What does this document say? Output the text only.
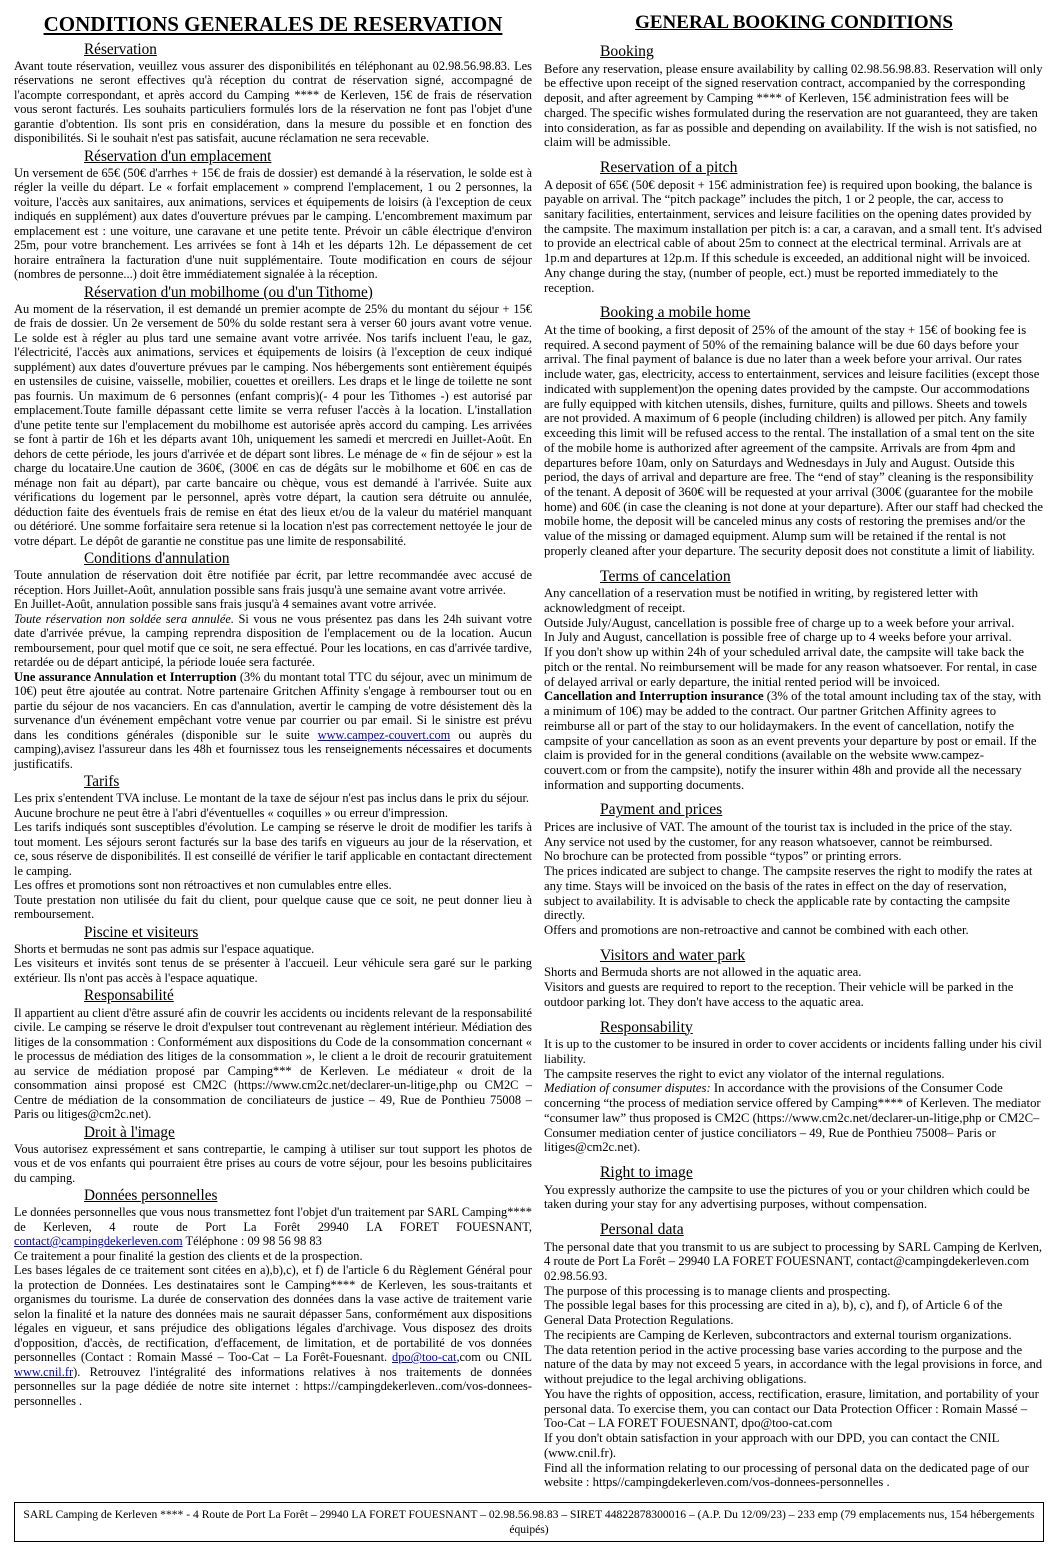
CONDITIONS GENERALES DE RESERVATION
Réservation

Avant toute réservation, veuillez vous assurer des disponibilités en téléphonant au 02.98.56.98.83. Les réservations ne seront effectives qu'à réception du contrat de réservation signé, accompagné de l'acompte correspondant, et après accord du Camping **** de Kerleven, 15€ de frais de réservation vous seront facturés. Les souhaits particuliers formulés lors de la réservation ne font pas l'objet d'une garantie d'obtention. Ils sont pris en considération, dans la mesure du possible et en fonction des disponibilités. Si le souhait n'est pas satisfait, aucune réclamation ne sera recevable.

Réservation d'un emplacement

Un versement de 65€ (50€ d'arrhes + 15€ de frais de dossier) est demandé à la réservation, le solde est à régler la veille du départ. Le « forfait emplacement » comprend l'emplacement, 1 ou 2 personnes, la voiture, l'accès aux sanitaires, aux animations, services et équipements de loisirs (à l'exception de ceux indiqués en supplément) aux dates d'ouverture prévues par le camping. L'encombrement maximum par emplacement est : une voiture, une caravane et une petite tente. Prévoir un câble électrique d'environ 25m, pour votre branchement. Les arrivées se font à 14h et les départs 12h. Le dépassement de cet horaire entraînera la facturation d'une nuit supplémentaire. Toute modification en cours de séjour (nombres de personne...) doit être immédiatement signalée à la réception.

Réservation d'un mobilhome (ou d'un Tithome)

Au moment de la réservation, il est demandé un premier acompte de 25% du montant du séjour + 15€ de frais de dossier. Un 2e versement de 50% du solde restant sera à verser 60 jours avant votre venue. Le solde est à régler au plus tard une semaine avant votre arrivée. Nos tarifs incluent l'eau, le gaz, l'électricité, l'accès aux animations, services et équipements de loisirs (à l'exception de ceux indiqué supplément) aux dates d'ouverture prévues par le camping. Nos hébergements sont entièrement équipés en ustensiles de cuisine, vaisselle, mobilier, couettes et oreillers. Les draps et le linge de toilette ne sont pas fournis. Un maximum de 6 personnes (enfant compris)(- 4 pour les Tithomes -) est autorisé par emplacement.Toute famille dépassant cette limite se verra refuser l'accès à la location. L'installation d'une petite tente sur l'emplacement du mobilhome est autorisée après accord du camping. Les arrivées se font à partir de 16h et les départs avant 10h, uniquement les samedi et mercredi en Juillet-Août. En dehors de cette période, les jours d'arrivée et de départ sont libres. Le ménage de « fin de séjour » est la charge du locataire.Une caution de 360€, (300€ en cas de dégâts sur le mobilhome et 60€ en cas de ménage non fait au départ), par carte bancaire ou chèque, vous est demandé à l'arrivée. Suite aux vérifications du logement par le personnel, après votre départ, la caution sera détruite ou annulée, déduction faite des éventuels frais de remise en état des lieux et/ou de la valeur du matériel manquant ou détérioré. Une somme forfaitaire sera retenue si la location n'est pas correctement nettoyée le jour de votre départ. Le dépôt de garantie ne constitue pas une limite de responsabilité.

Conditions d'annulation

Toute annulation de réservation doit être notifiée par écrit, par lettre recommandée avec accusé de réception. Hors Juillet-Août, annulation possible sans frais jusqu'à une semaine avant votre arrivée.

En Juillet-Août, annulation possible sans frais jusqu'à 4 semaines avant votre arrivée.

Toute réservation non soldée sera annulée. Si vous ne vous présentez pas dans les 24h suivant votre date d'arrivée prévue, la camping reprendra disposition de l'emplacement ou de la location. Aucun remboursement, pour quel motif que ce soit, ne sera effectué. Pour les locations, en cas d'arrivée tardive, retardée ou de départ anticipé, la période louée sera facturée.

Une assurance Annulation et Interruption (3% du montant total TTC du séjour, avec un minimum de 10€) peut être ajoutée au contrat. Notre partenaire Gritchen Affinity s'engage à rembourser tout ou en partie du séjour de nos vacanciers. En cas d'annulation, avertir le camping de votre désistement dès la survenance d'un événement empêchant votre venue par courrier ou par email. Si le sinistre est prévu dans les conditions générales (disponible sur le suite www.campez-couvert.com ou auprès du camping),avisez l'assureur dans les 48h et fournissez tous les renseignements nécessaires et documents justificatifs.

Tarifs

Les prix s'entendent TVA incluse. Le montant de la taxe de séjour n'est pas inclus dans le prix du séjour.

Aucune brochure ne peut être à l'abri d'éventuelles « coquilles » ou erreur d'impression.

Les tarifs indiqués sont susceptibles d'évolution. Le camping se réserve le droit de modifier les tarifs à tout moment. Les séjours seront facturés sur la base des tarifs en vigueurs au jour de la réservation, et ce, sous réserve de disponibilités. Il est conseillé de vérifier le tarif applicable en contactant directement le camping.

Les offres et promotions sont non rétroactives et non cumulables entre elles.

Toute prestation non utilisée du fait du client, pour quelque cause que ce soit, ne peut donner lieu à remboursement.

Piscine et visiteurs

Shorts et bermudas ne sont pas admis sur l'espace aquatique.

Les visiteurs et invités sont tenus de se présenter à l'accueil. Leur véhicule sera garé sur le parking extérieur. Ils n'ont pas accès à l'espace aquatique.

Responsabilité

Il appartient au client d'être assuré afin de couvrir les accidents ou incidents relevant de la responsabilité civile. Le camping se réserve le droit d'expulser tout contrevenant au règlement intérieur. Médiation des litiges de la consommation : Conformément aux dispositions du Code de la consommation concernant « le processus de médiation des litiges de la consommation », le client a le droit de recourir gratuitement au service de médiation proposé par Camping*** de Kerleven. Le médiateur « droit de la consommation ainsi proposé est CM2C (https://www.cm2c.net/declarer-un-litige,php ou CM2C – Centre de médiation de la consommation de conciliateurs de justice – 49, Rue de Ponthieu 75008 – Paris ou litiges@cm2c.net).

Droit à l'image

Vous autorisez expressément et sans contrepartie, le camping à utiliser sur tout support les photos de vous et de vos enfants qui pourraient être prises au cours de votre séjour, pour les besoins publicitaires du camping.

Données personnelles

Le données personnelles que vous nous transmettez font l'objet d'un traitement par SARL Camping**** de Kerleven, 4 route de Port La Forêt 29940 LA FORET FOUESNANT, contact@campingdekerleven.com Téléphone : 09 98 56 98 83

Ce traitement a pour finalité la gestion des clients et de la prospection.

Les bases légales de ce traitement sont citées en a),b),c), et f) de l'article 6 du Règlement Général pour la protection de Données. Les destinataires sont le Camping**** de Kerleven, les sous-traitants et organismes du tourisme. La durée de conservation des données dans la vase active de traitement varie selon la finalité et la nature des données mais ne saurait dépasser 5ans, conformément aux dispositions légales en vigueur, et sans préjudice des obligations légales d'archivage. Vous disposez des droits d'opposition, d'accès, de rectification, d'effacement, de limitation, et de portabilité de vos données personnelles (Contact : Romain Massé – Too-Cat – La Forêt-Fouesnant. dpo@too-cat,com ou CNIL www.cnil.fr). Retrouvez l'intégralité des informations relatives à nos traitements de données personnelles sur la page dédiée de notre site internet : https://campingdekerleven..com/vos-donnees-personnelles .

GENERAL BOOKING CONDITIONS
Booking

Before any reservation, please ensure availability by calling 02.98.56.98.83. Reservation will only be effective upon receipt of the signed reservation contract, accompanied by the corresponding deposit, and after agreement by Camping **** of Kerleven, 15€ administration fees will be charged. The specific wishes formulated during the reservation are not guaranteed, they are taken into consideration, as far as possible and depending on availability. If the wish is not satisfied, no claim will be admissible.

Reservation of a pitch

A deposit of 65€ (50€ deposit + 15€ administration fee) is required upon booking, the balance is payable on arrival. The “pitch package” includes the pitch, 1 or 2 people, the car, access to sanitary facilities, entertainment, services and leisure facilities on the opening dates provided by the campsite. The maximum installation per pitch is: a car, a caravan, and a small tent. It's advised to provide an electrical cable of about 25m to connect at the electrical terminal. Arrivals are at 1p.m and departures at 12p.m. If this schedule is exceeded, an additional night will be invoiced. Any change during the stay, (number of people, ect.) must be reported immediately to the reception.

Booking a mobile home

At the time of booking, a first deposit of 25% of the amount of the stay + 15€ of booking fee is required. A second payment of 50% of the remaining balance will be due 60 days before your arrival. The final payment of balance is due no later than a week before your arrival. Our rates include water, gas, electricity, access to entertainment, services and leisure facilities (except those indicated with supplement)on the opening dates provided by the campste. Our accommodations are fully equipped with kitchen utensils, dishes, furniture, quilts and pillows. Sheets and towels are not provided. A maximum of 6 people (including children) is allowed per pitch. Any family exceeding this limit will be refused access to the rental. The installation of a smal tent on the site of the mobile home is authorized after agreement of the campsite. Arrivals are from 4pm and departures before 10am, only on Saturdays and Wednesdays in July and August. Outside this period, the days of arrival and departure are free. The “end of stay” cleaning is the responsibility of the tenant. A deposit of 360€ will be requested at your arrival (300€ (guarantee for the mobile home) and 60€ (in case the cleaning is not done at your departure). After our staff had checked the mobile home, the deposit will be canceled minus any costs of restoring the premises and/or the value of the missing or damaged equipment. Alump sum will be retained if the rental is not properly cleaned after your departure. The security deposit does not constitute a limit of liability.

Terms of cancelation

Any cancellation of a reservation must be notified in writing, by registered letter with acknowledgment of receipt.

Outside July/August, cancellation is possible free of charge up to a week before your arrival.

In July and August, cancellation is possible free of charge up to 4 weeks before your arrival.

If you don't show up within 24h of your scheduled arrival date, the campsite will take back the pitch or the rental. No reimbursement will be made for any reason whatsoever. For rental, in case of delayed arrival or early departure, the initial rented period will be invoiced.

Cancellation and Interruption insurance (3% of the total amount including tax of the stay, with a minimum of 10€) may be added to the contract. Our partner Gritchen Affinity agrees to reimburse all or part of the stay to our holidaymakers. In the event of cancellation, notify the campsite of your cancellation as soon as an event prevents your departure by post or email. If the claim is provided for in the general conditions (available on the website www.campez-couvert.com or from the campsite), notify the insurer within 48h and provide all the necessary information and supporting documents.

Payment and prices

Prices are inclusive of VAT. The amount of the tourist tax is included in the price of the stay.

Any service not used by the customer, for any reason whatsoever, cannot be reimbursed.

No brochure can be protected from possible “typos” or printing errors.

The prices indicated are subject to change. The campsite reserves the right to modify the rates at any time. Stays will be invoiced on the basis of the rates in effect on the day of reservation, subject to availability. It is advisable to check the applicable rate by contacting the campsite directly.

Offers and promotions are non-retroactive and cannot be combined with each other.

Visitors and water park

Shorts and Bermuda shorts are not allowed in the aquatic area.

Visitors and guests are required to report to the reception. Their vehicle will be parked in the outdoor parking lot. They don't have access to the aquatic area.

Responsability

It is up to the customer to be insured in order to cover accidents or incidents falling under his civil liability.

The campsite reserves the right to evict any violator of the internal regulations.

Mediation of consumer disputes: In accordance with the provisions of the Consumer Code concerning “the process of mediation service offered by Camping**** of Kerleven. The mediator “consumer law” thus proposed is CM2C (https://www.cm2c.net/declarer-un-litige,php or CM2C– Consumer mediation center of justice conciliators – 49, Rue de Ponthieu 75008– Paris or litiges@cm2c.net).

Right to image

You expressly authorize the campsite to use the pictures of you or your children which could be taken during your stay for any advertising purposes, without compensation.

Personal data

The personal date that you transmit to us are subject to processing by SARL Camping de Kerlven, 4 route de Port La Forêt – 29940 LA FORET FOUESNANT, contact@campingdekerleven.com 02.98.56.93.

The purpose of this processing is to manage clients and prospecting.

The possible legal bases for this processing are cited in a), b), c), and f), of Article 6 of the General Data Protection Regulations.

The recipients are Camping de Kerleven, subcontractors and external tourism organizations.

The data retention period in the active processing base varies according to the purpose and the nature of the data by may not exceed 5 years, in accordance with the legal provisions in force, and without prejudice to the legal archiving obligations.

You have the rights of opposition, access, rectification, erasure, limitation, and portability of your personal data. To exercise them, you can contact our Data Protection Officer : Romain Massé – Too-Cat – LA FORET FOUESNANT, dpo@too-cat.com

If you don't obtain satisfaction in your approach with our DPD, you can contact the CNIL (www.cnil.fr).

Find all the information relating to our processing of personal data on the dedicated page of our website : https//campingdekerleven.com/vos-donnees-personnelles .

SARL Camping de Kerleven **** - 4 Route de Port La Forêt – 29940 LA FORET FOUESNANT – 02.98.56.98.83 – SIRET 44822878300016 – (A.P. Du 12/09/23) – 233 emp (79 emplacements nus, 154 hébergements équipés)
